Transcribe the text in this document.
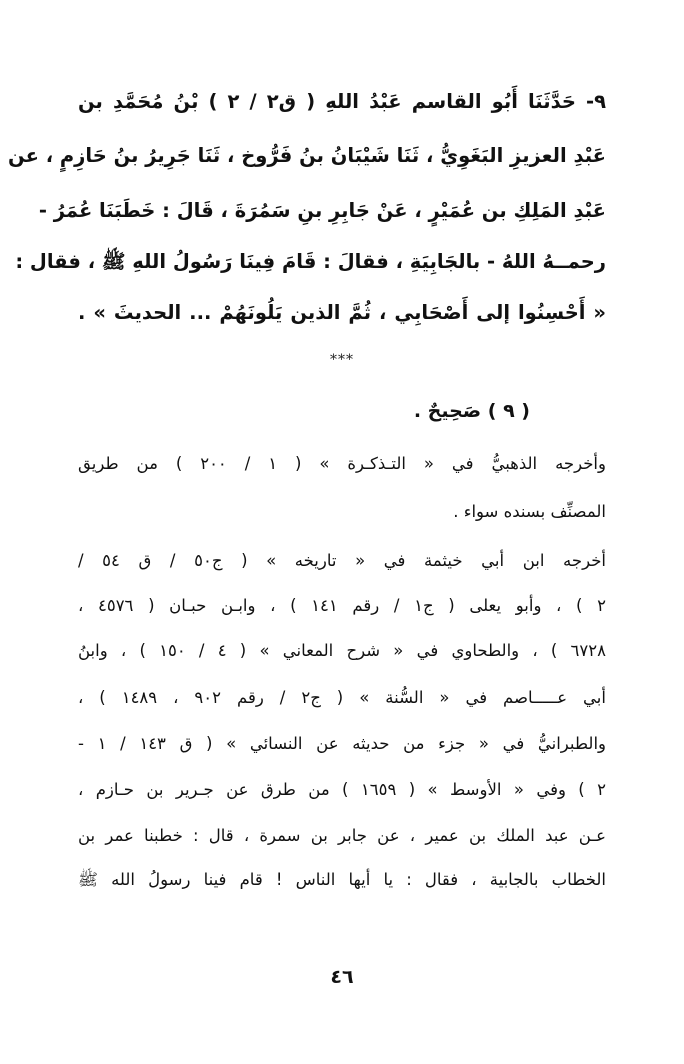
٩- حَدَّثَنَا أَبُو القاسم عَبْدُ اللهِ ( ق٢ / ٢ ) بْنُ مُحَمَّدِ بن
عَبْدِ العزيزِ البَغَوِيُّ ، ثَنَا شَيْبَانُ بنُ فَرُّوخ ، ثَنَا جَرِيرُ بنُ حَازِمٍ ، عن
عَبْدِ المَلِكِ بن عُمَيْرٍ ، عَنْ جَابِرِ بنِ سَمُرَةَ ، قَالَ : خَطَبَنَا عُمَرُ -
رحمــهُ اللهُ - بالجَابِيَةِ ، فقالَ : قَامَ فِينَا رَسُولُ اللهِ ﷺ ، فقال :
« أَحْسِنُوا إلى أَصْحَابِي ، ثُمَّ الذين يَلُونَهُمْ ... الحديثَ » .
***
( ٩ ) صَحِيحٌ .
وأخرجه الذهبيُّ في « التـذكـرة » ( ١ / ٢٠٠ ) من طريق
المصنِّف بسنده سواء .
أخرجه ابن أبي خيثمة في « تاريخه » ( ج٥٠ / ق ٥٤ /
٢ ) ، وأبو يعلى ( ج١ / رقم ١٤١ ) ، وابـن حبـان ( ٤٥٧٦ ،
٦٧٢٨ ) ، والطحاوي في « شرح المعاني » ( ٤ / ١٥٠ ) ، وابنُ
أبي عـــــاصم في « السُّنة » ( ج٢ / رقم ٩٠٢ ، ١٤٨٩ ) ،
والطبرانيُّ في « جزء من حديثه عن النسائي » ( ق ١٤٣ / ١ -
٢ ) وفي « الأوسط » ( ١٦٥٩ ) من طرق عن جـرير بن حـازم ،
عـن عبد الملك بن عمير ، عن جابر بن سمرة ، قال : خطبنا عمر بن
الخطاب بالجابية ، فقال : يا أيها الناس ! قام فينا رسولُ الله ﷺ
٤٦
